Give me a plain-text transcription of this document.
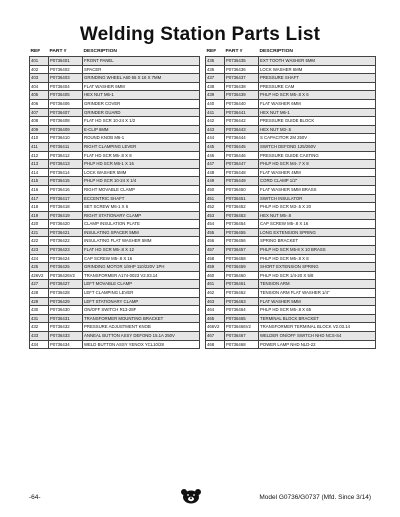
Welding Station Parts List
REF	PART #	DESCRIPTION
401	P0736401	FRONT PANEL
402	P0736402	SPACER
403	P0736403	GRINDING WHEEL A60 65 X 16 X 7MM
404	P0736404	FLAT WASHER 6MM
405	P0736405	HEX NUT M6-1
406	P0736406	GRINDER COVER
407	P0736407	GRINDER GUARD
408	P0736408	FLAT HD SCR 10-24 X 1/2
409	P0736409	E-CLIP 6MM
410	P0736410	ROUND KNOB M6-1
411	P0736411	RIGHT CLAMPING LEVER
412	P0736412	FLAT HD SCR M5-.8 X 8
413	P0736413	PHLP HD SCR M6-1 X 16
414	P0736414	LOCK WASHER 5MM
415	P0736415	PHLP HD SCR 10-24 X 1/4
416	P0736416	RIGHT MOVABLE CLAMP
417	P0736417	ECCENTRIC SHAFT
418	P0736418	SET SCREW M6-1 X 6
419	P0736419	RIGHT STATIONARY CLAMP
420	P0736420	CLAMP INSULATION PLATE
421	P0736421	INSULATING SPACER 5MM
422	P0736422	INSULATING FLAT WASHER 5MM
423	P0736423	FLAT HD SCR M5-.8 X 12
424	P0736424	CAP SCREW M5-.8 X 16
425	P0736425	GRINDING MOTOR 1/8HP 110/220V 1PH
426V2	P0736426V2	TRANSFORMER A174-0023 V2.03.14
427	P0736427	LEFT MOVABLE CLAMP
428	P0736428	LEFT CLAMPING LEVER
429	P0736429	LEFT STATIONARY CLAMP
430	P0736430	ON/OFF SWITCH R13-28F
431	P0736431	TRANSFORMER MOUNTING BRACKET
432	P0736432	PRESSURE ADJUSTMENT KNOB
433	P0736433	ANNEAL BUTTON ASSY DEFOND 15.1A 250V
434	P0736434	WELD BUTTON ASSY YENOX YCL10/28
REF	PART #	DESCRIPTION
435	P0736435	EXT TOOTH WASHER 5MM
436	P0736436	LOCK WASHER 6MM
437	P0736437	PRESSURE SHAFT
438	P0736438	PRESSURE CAM
439	P0736439	PHLP HD SCR M5-.8 X 6
440	P0736440	FLAT WASHER 6MM
441	P0736441	HEX NUT M6-1
442	P0736442	PRESSURE GUIDE BLOCK
443	P0736443	HEX NUT M3-.5
444	P0736444	S CAPACITOR 2M 250V
445	P0736445	SWITCH DEFOND 125/250V
446	P0736446	PRESSURE GUIDE CASTING
447	P0736447	PHLP HD SCR M4-.7 X 8
448	P0736448	FLAT WASHER 4MM
449	P0736449	CORD CLAMP 1/2"
450	P0736450	FLAT WASHER 5MM BRASS
451	P0736451	SWITCH INSULATOR
452	P0736452	PHLP HD SCR M3-.5 X 20
453	P0736453	HEX NUT M5-.8
454	P0736454	CAP SCREW M5-.8 X 16
455	P0736455	LONG EXTENSION SPRING
456	P0736456	SPRING BRACKET
457	P0736457	PHLP HD SCR M5-8 X 10 BRASS
458	P0736458	PHLP HD SCR M5-.8 X 8
459	P0736459	SHORT EXTENSION SPRING
460	P0736460	PHLP HD SCR 1/4-20 X 5/8
461	P0736461	TENSION ARM
462	P0736462	TENSION ARM FLAT WASHER 1/4"
463	P0736463	FLAT WASHER 5MM
464	P0736464	PHLP HD SCR M5-.8 X 65
465	P0736465	TERMINAL BLOCK BRACKET
466V2	P0736466V2	TRANSFORMER TERMINAL BLOCK V2.03.14
467	P0736467	WELDER ON/OFF SWITCH NHD NCS-S4
468	P0736468	POWER LAMP NHD NLD-22
-64-	Model G0736/G0737 (Mfd. Since 3/14)
